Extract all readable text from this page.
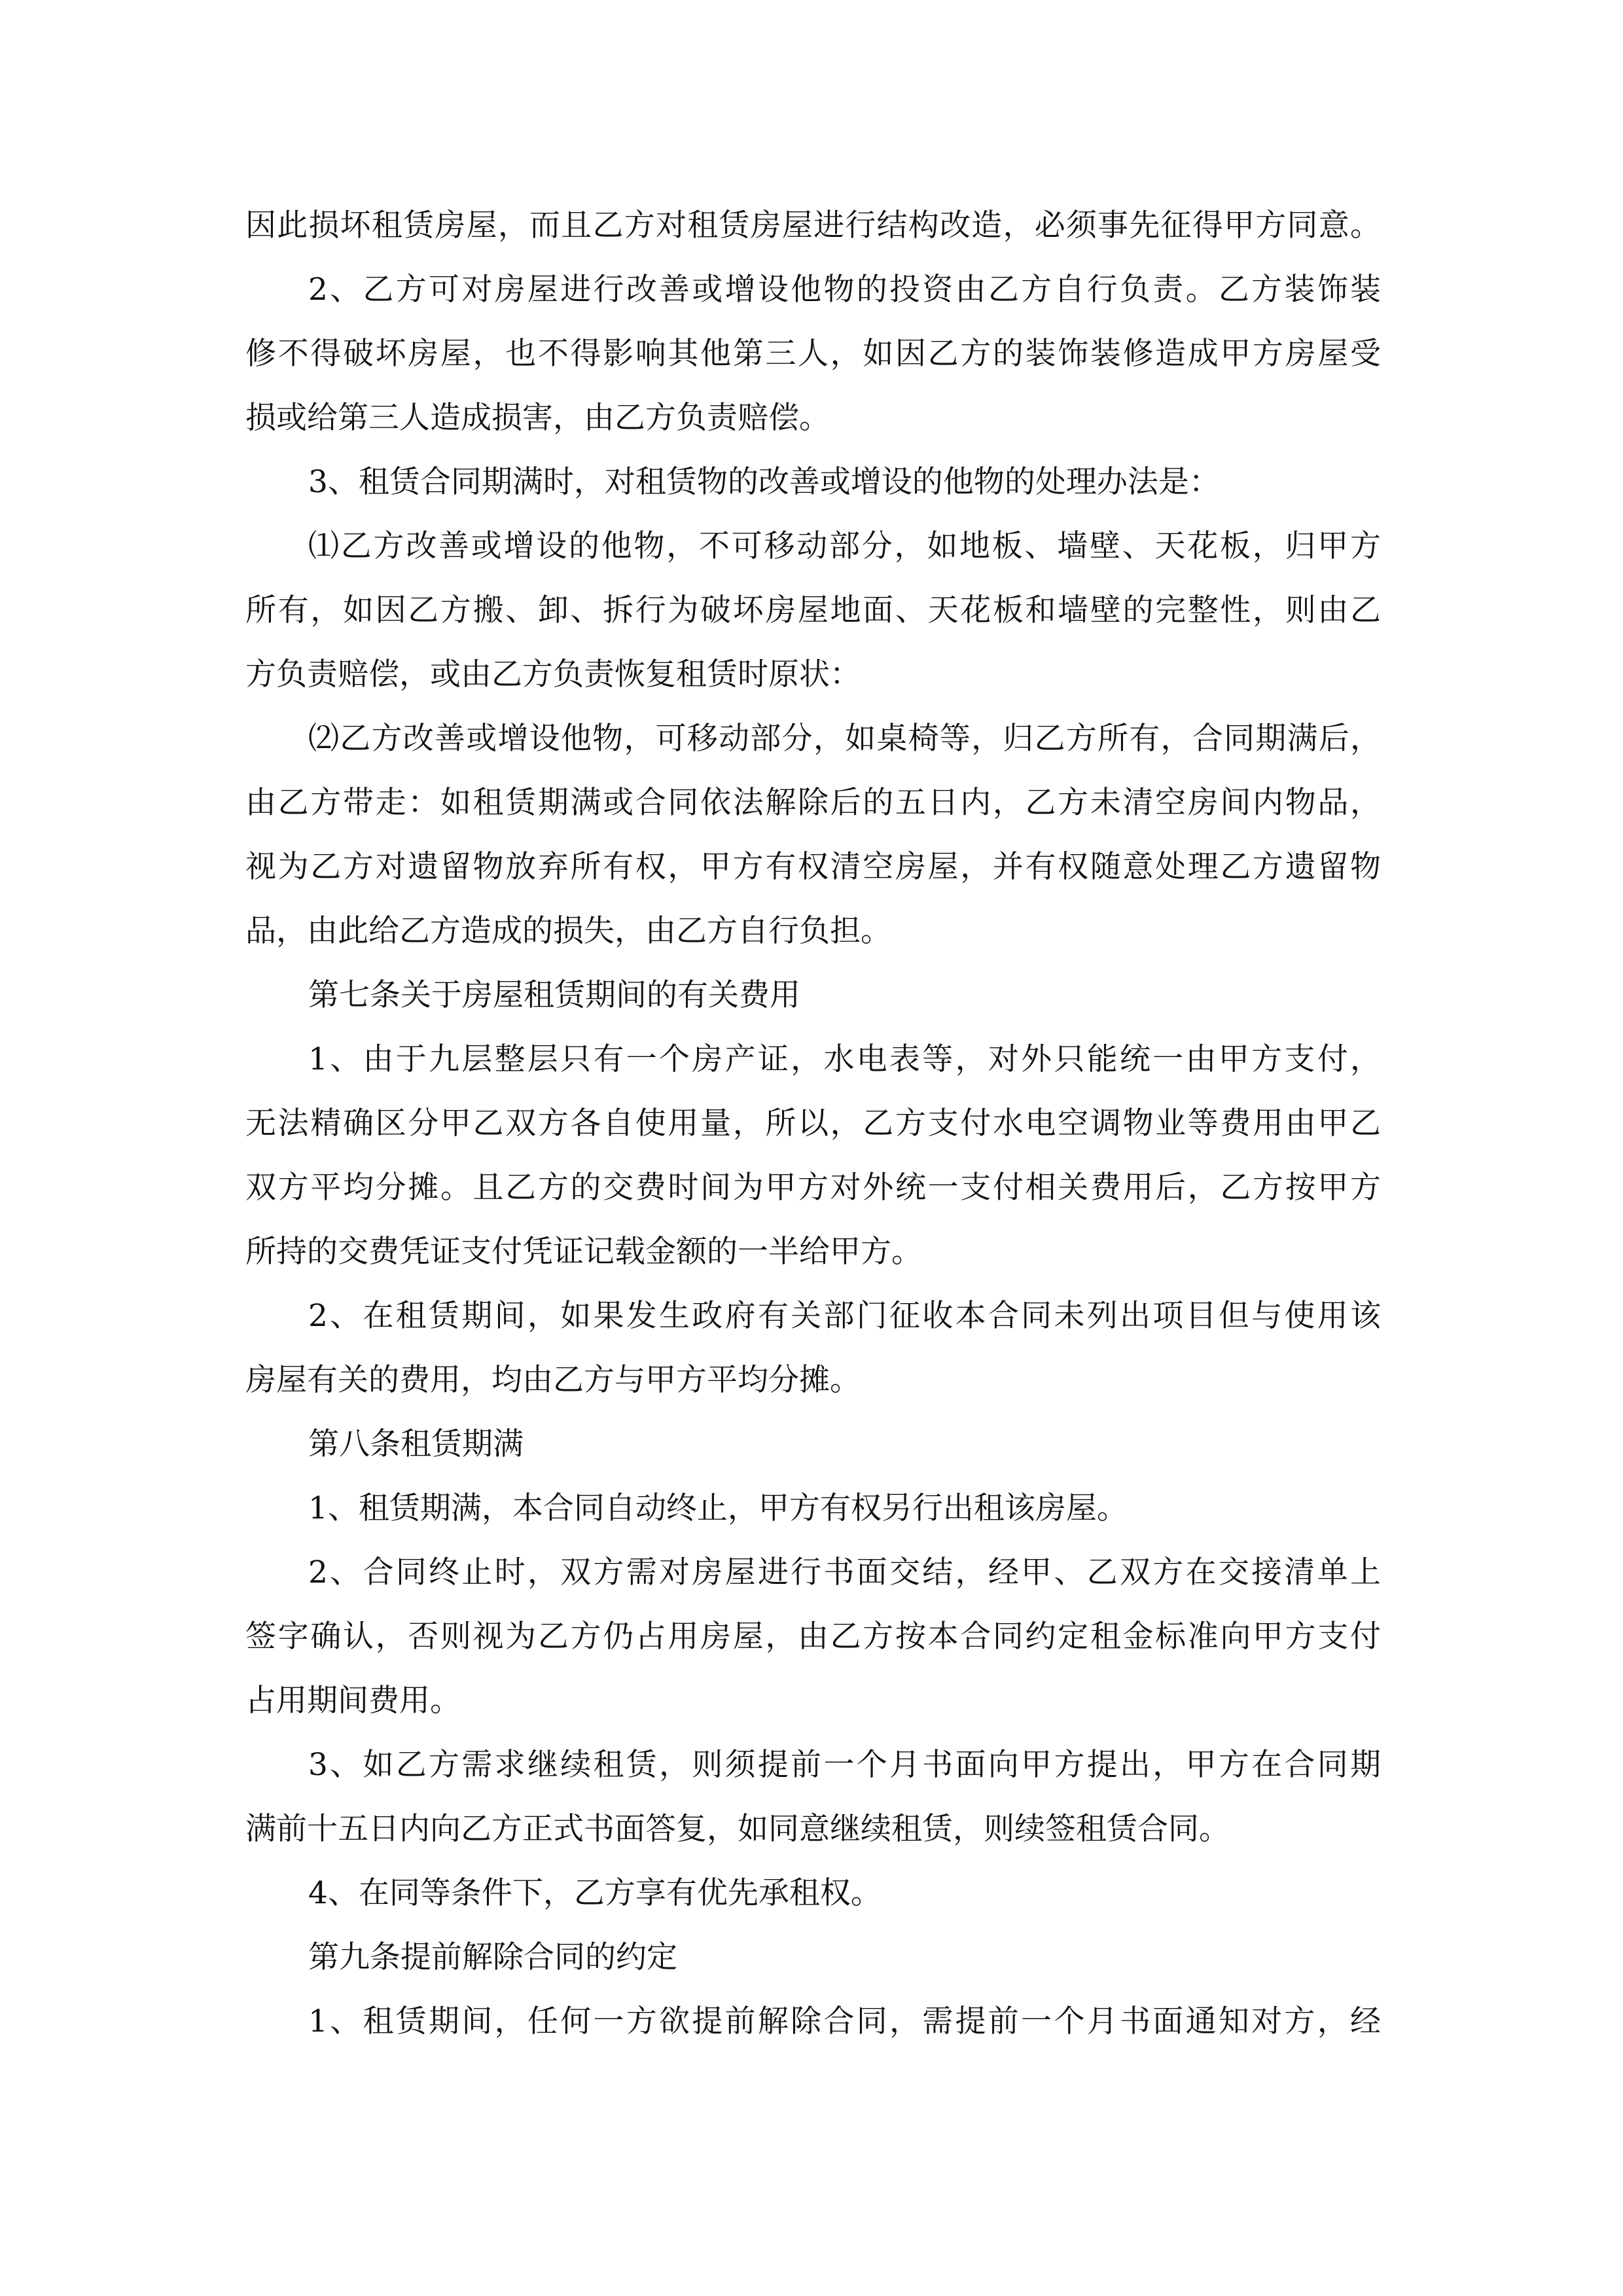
因此损坏租赁房屋，而且乙方对租赁房屋进行结构改造，必须事先征得甲方同意。
2、乙方可对房屋进行改善或增设他物的投资由乙方自行负责。乙方装饰装
修不得破坏房屋，也不得影响其他第三人，如因乙方的装饰装修造成甲方房屋受
损或给第三人造成损害，由乙方负责赔偿。
3、租赁合同期满时，对租赁物的改善或增设的他物的处理办法是：
⑴乙方改善或增设的他物，不可移动部分，如地板、墙壁、天花板，归甲方
所有，如因乙方搬、卸、拆行为破坏房屋地面、天花板和墙壁的完整性，则由乙
方负责赔偿，或由乙方负责恢复租赁时原状：
⑵乙方改善或增设他物，可移动部分，如桌椅等，归乙方所有，合同期满后，
由乙方带走：如租赁期满或合同依法解除后的五日内，乙方未清空房间内物品，
视为乙方对遗留物放弃所有权，甲方有权清空房屋，并有权随意处理乙方遗留物
品，由此给乙方造成的损失，由乙方自行负担。
第七条关于房屋租赁期间的有关费用
1、由于九层整层只有一个房产证，水电表等，对外只能统一由甲方支付，
无法精确区分甲乙双方各自使用量，所以，乙方支付水电空调物业等费用由甲乙
双方平均分摊。且乙方的交费时间为甲方对外统一支付相关费用后，乙方按甲方
所持的交费凭证支付凭证记载金额的一半给甲方。
2、在租赁期间，如果发生政府有关部门征收本合同未列出项目但与使用该
房屋有关的费用，均由乙方与甲方平均分摊。
第八条租赁期满
1、租赁期满，本合同自动终止，甲方有权另行出租该房屋。
2、合同终止时，双方需对房屋进行书面交结，经甲、乙双方在交接清单上
签字确认，否则视为乙方仍占用房屋，由乙方按本合同约定租金标准向甲方支付
占用期间费用。
3、如乙方需求继续租赁，则须提前一个月书面向甲方提出，甲方在合同期
满前十五日内向乙方正式书面答复，如同意继续租赁，则续签租赁合同。
4、在同等条件下，乙方享有优先承租权。
第九条提前解除合同的约定
1、租赁期间，任何一方欲提前解除合同，需提前一个月书面通知对方，经
